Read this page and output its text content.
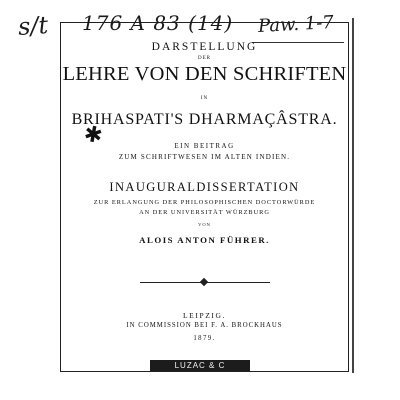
s/t 176 A 83 (14) Paw. 1-7
DARSTELLUNG
DER
LEHRE VON DEN SCHRIFTEN
IN
BRIHASPATI'S DHARMAÇÂSTRA.
✱	EIN BEITRAG
ZUM SCHRIFTWESEN IM ALTEN INDIEN.
INAUGURALDISSERTATION
ZUR ERLANGUNG DER PHILOSOPHISCHEN DOCTORWÜRDE
AN DER UNIVERSITÄT WÜRZBURG
VON
ALOIS ANTON FÜHRER.
LEIPZIG.
IN COMMISSION BEI F. A. BROCKHAUS
1879.
LUZAC & C
